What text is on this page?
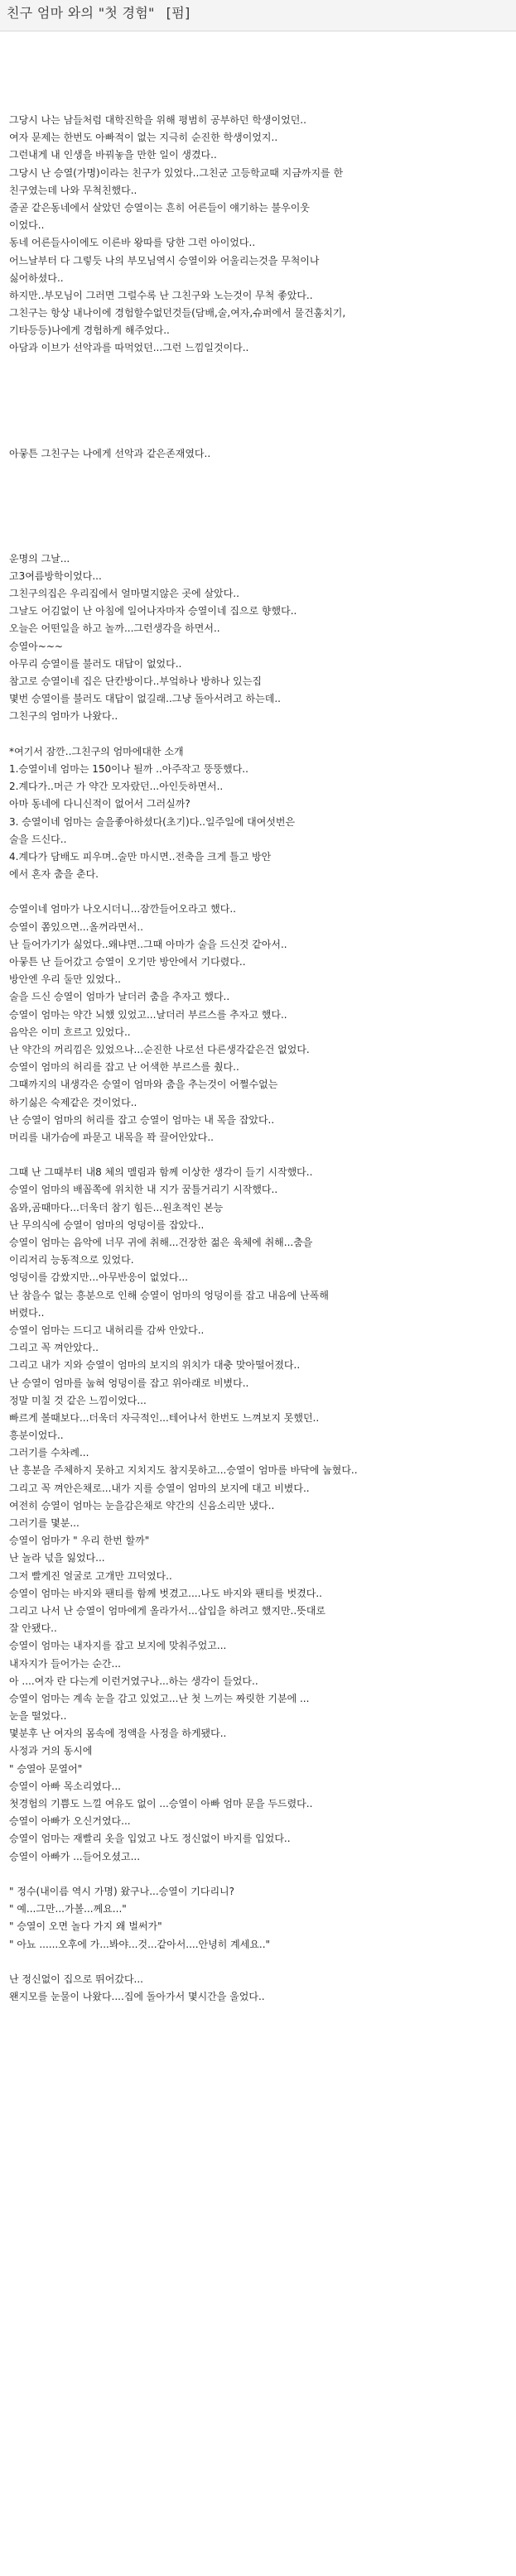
친구 엄마 와의 "첫 경험" [펌]
그당시 나는 남들처럼 대학진학을 위해 평범히 공부하던 학생이었던..
여자 문제는 한번도 아빠적이 없는 지극히 순진한 학생이었지..
그런내게 내 인생을 바꿔놓을 만한 일이 생겼다..
그당시 난 승열(가명)이라는 친구가 있었다..그친군 고등학교때 지금까지를 한
친구였는데 나와 무척친했다..
줄곧 같은동네에서 살았던 승열이는 흔히 어른들이 얘기하는 불우이웃
이었다..
동네 어른들사이에도 이른바 왕따를 당한 그런 아이었다..
어느날부터 다 그렇듯 나의 부모님역시 승열이와 어울리는것을 무척이나
싫어하셨다..
하지만..부모님이 그러면 그럴수록 난 그친구와 노는것이 무척 좋았다..
그친구는 항상 내나이에 경험할수없던것들(담배,술,여자,슈퍼에서 물건훔치기,
기타등등)나에게 경험하게 해주었다..
아담과 이브가 선악과를 따먹었던...그런 느낌일것이다..
아뭏튼 그친구는 나에게 선악과 같은존재였다..
운명의 그날...
고3여름방학이었다...
그친구의집은 우리집에서 얼마멀지않은 곳에 살았다..
그날도 어김없이 난 아침에 일어나자마자 승열이네 집으로 향했다..
오늘은 어떤일을 하고 놀까...그런생각을 하면서..
승열아~~~
아무리 승열이를 불러도 대답이 없었다..
참고로 승열이네 집은 단칸방이다..부엌하나 방하나 있는집
몇번 승열이를 불러도 대답이 없길래..그냥 돌아서려고 하는데..
그친구의 엄마가 나왔다..
*여기서 잠깐..그친구의 엄마에대한 소개
1.승열이네 엄마는 150이나 될까 ..아주작고 뚱뚱했다..
2.계다가..머근 가 약간 모자랐던...아인듯하면서..
아마 동네에 다니신적이 없어서 그러실까?
3. 승열이네 엄마는 술을좋아하셨다(초기)다..일주일에 대여섯번은
술을 드신다..
4.계다가 담배도 피우며..술만 마시면..전축을 크게 틀고 방안
에서 혼자 춤을 춘다.
승열이네 엄마가 나오시더니...잠깐들어오라고 했다..
승열이 쫌있으면...올꺼라면서..
난 들어가기가 싫었다..왜냐면..그때 아마가 술을 드신것 같아서..
아뭏튼 난 들어갔고 승열이 오기만 방안에서 기다렸다..
방안엔 우리 둘만 있었다..
술을 드신 승열이 엄마가 날더러 춤을 추자고 했다..
승열이 엄마는 약간 뇌했 있었고...날더러 부르스를 추자고 했다..
음악은 이미 흐르고 있었다..
난 약간의 꺼리낌은 있었으나...순진한 나로선 다른생각같은건 없었다.
승열이 엄마의 허리를 잡고 난 어색한 부르스를 췄다..
그때까지의 내생각은 승열이 엄마와 춤을 추는것이 어쩔수없는
하기싫은 숙제같은 것이었다..
난 승열이 엄마의 허리를 잡고 승열이 엄마는 내 목을 잡았다..
머리를 내가슴에 파묻고 내목을 꽉 끌어안았다..
그때 난 그때부터 내8 체의 멜림과 함께 이상한 생각이 들기 시작했다..
승열이 엄마의 배꼽쪽에 위치한 내 지가 꿈틀거리기 시작했다..
옴뫄,곰때마다...더욱더 참기 힘든...원초적인 본능
난 무의식에 승열이 엄마의 엉덩이를 잡았다..
승열이 엄마는 음악에 너무 귀에 취해...건장한 젊은 육체에 취해...춤을
이리저리 능동적으로 있었다.
엉덩이를 감쌌지만...아무반응이 없었다...
난 참을수 없는 흥분으로 인해 승열이 엄마의 엉덩이를 잡고 내음에 난폭해
버렸다..
승열이 엄마는 드디고 내허리를 감싸 안았다..
그리고 꼭 껴안았다..
그리고 내가 지와 승열이 엄마의 보지의 위치가 대충 맞아떨어졌다..
난 승열이 엄마를 눕혀 엉덩이를 잡고 위아래로 비볐다..
정말 미칠 것 같은 느낌이었다...
빠르게 볼때보다...더욱더 자극적인...테어나서 한번도 느껴보지 못했던..
흥분이었다..
그러기를 수차례...
난 흥분을 주체하지 못하고 지치지도 참지못하고...승열이 엄마를 바닥에 눕혔다..
그리고 꼭 껴안은채로...내가 지를 승열이 엄마의 보지에 대고 비볐다..
여전히 승열이 엄마는 눈을감은채로 약간의 신음소리만 냈다..
그러기를 몇분...
승열이 엄마가 " 우리 한번 할까"
난 놀라 넋을 잃었다...
그저 빨게진 얼굴로 고개만 끄덕였다..
승열이 엄마는 바지와 팬티를 함께 벗겼고....나도 바지와 팬티를 벗겼다..
그리고 나서 난 승열이 엄마에게 올라가서...삽입을 하려고 했지만..뜻대로
잘 안됐다..
승열이 엄마는 내자지를 잡고 보지에 맞춰주었고...
내자지가 들어가는 순간...
아 ....여자 란 다는게 이런거였구나...하는 생각이 들었다..
승열이 엄마는 계속 눈을 감고 있었고...난 첫 느끼는 짜릿한 기분에 ...
눈을 떨었다..
몇분후 난 여자의 몸속에 정액을 사정을 하게됐다..
사정과 거의 동시에
" 승열아 문열어"
승열이 아빠 목소리였다...
첫경험의 기쁨도 느낄 여유도 없이 ...승열이 아빠 엄마 문을 두드렸다..
승열이 아빠가 오신거였다...
승열이 엄마는 재빨리 옷을 입었고 나도 정신없이 바지를 입었다..
승열이 아빠가 ...들어오셨고...
" 정수(내이름 역시 가명) 왔구나...승열이 기다리니?
" 예...그만...가볼...께요..."
" 승열이 오면 놀다 가지 왜 벌써가"
" 아뇨 ......오후에 가...봐야...것...같아서....안녕히 계세요.."
난 정신없이 집으로 뛰어갔다...
왠지모를 눈물이 나왔다....집에 돌아가서 몇시간을 울었다..
